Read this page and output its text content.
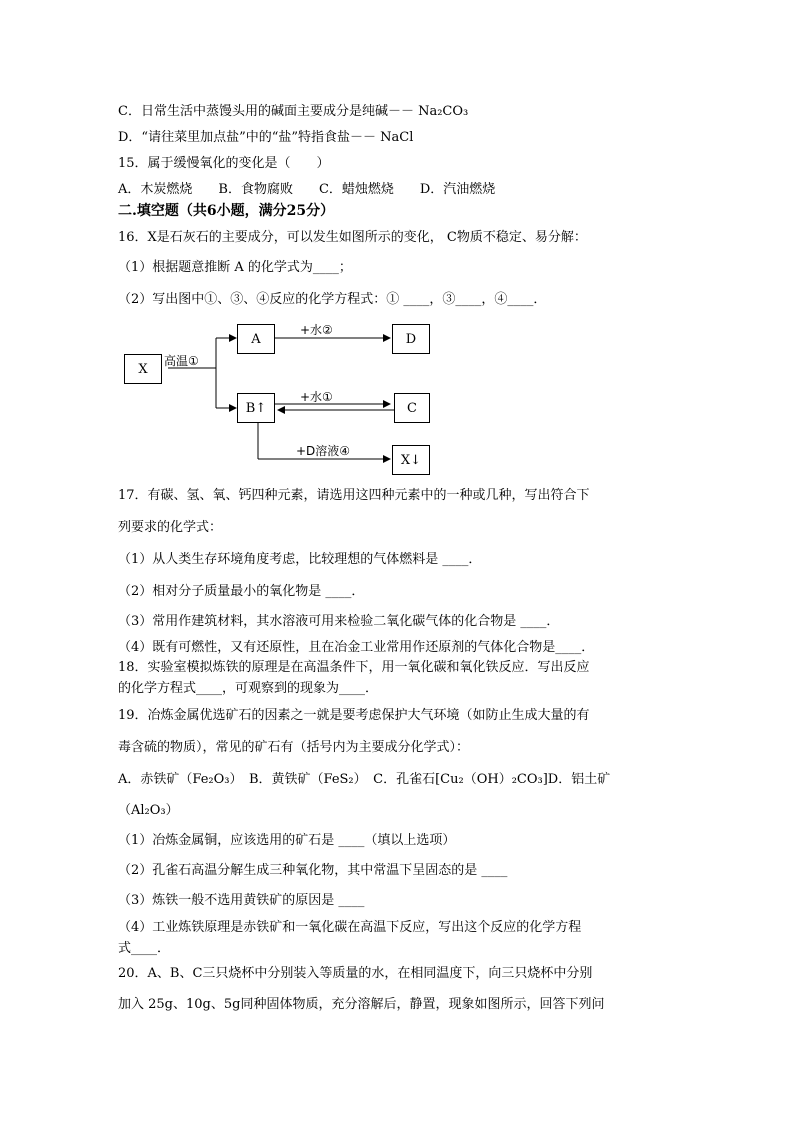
C．日常生活中蒸馒头用的碱面主要成分是纯碱－－ Na₂CO₃
D．“请往菜里加点盐”中的“盐”特指食盐－－ NaCl
15．属于缓慢氧化的变化是（　　）
A．木炭燃烧　　B．食物腐败　　C．蜡烛燃烧　　D．汽油燃烧
二.填空题（共6小题，满分25分）
16．X是石灰石的主要成分，可以发生如图所示的变化， C物质不稳定、易分解：
（1）根据题意推断 A 的化学式为____；
（2）写出图中①、③、④反应的化学方程式：① ____，③____，④____．
X
A	D
B↑	C
X↓
高温①
+水②
+水①
+D溶液④
17．有碳、氢、氧、钙四种元素，请选用这四种元素中的一种或几种，写出符合下
列要求的化学式：
（1）从人类生存环境角度考虑，比较理想的气体燃料是 ____．
（2）相对分子质量最小的氧化物是 ____．
（3）常用作建筑材料，其水溶液可用来检验二氧化碳气体的化合物是 ____．
（4）既有可燃性，又有还原性，且在冶金工业常用作还原剂的气体化合物是____．
18．实验室模拟炼铁的原理是在高温条件下，用一氧化碳和氧化铁反应．写出反应
的化学方程式____，可观察到的现象为____．
19．冶炼金属优选矿石的因素之一就是要考虑保护大气环境（如防止生成大量的有
毒含硫的物质），常见的矿石有（括号内为主要成分化学式）：
A．赤铁矿（Fe₂O₃）　B．黄铁矿（FeS₂）　C．孔雀石[Cu₂（OH）₂CO₃]D．铝土矿
（Al₂O₃）
（1）冶炼金属铜，应该选用的矿石是 ____（填以上选项）
（2）孔雀石高温分解生成三种氧化物，其中常温下呈固态的是 ____
（3）炼铁一般不选用黄铁矿的原因是 ____
（4）工业炼铁原理是赤铁矿和一氧化碳在高温下反应，写出这个反应的化学方程
式____．
20．A、B、C三只烧杯中分别装入等质量的水，在相同温度下，向三只烧杯中分别
加入 25g、10g、5g同种固体物质，充分溶解后，静置，现象如图所示，回答下列问
